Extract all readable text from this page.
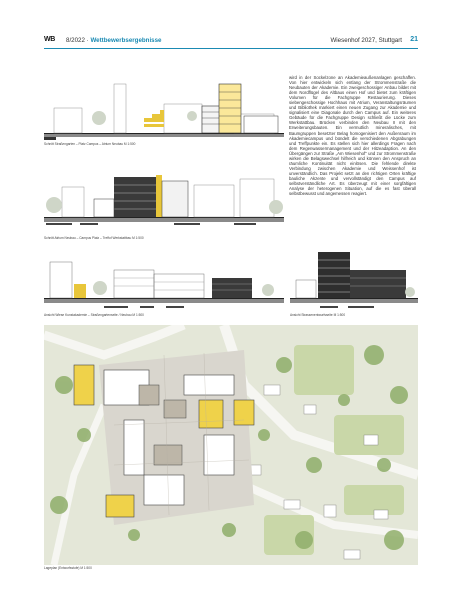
WB 8/2022 · Wettbewerbsergebnisse	Wiesenhof 2027, Stuttgart 21
Schnitt Straßengarten – Platz Campus – Atrium Neubau M 1:500
Schnitt Atrium Neubau – Campus Platz – Treffof Werkstattbau M 1:500
Ansicht Wiese Kunstakademie – Straßengartenseite / Neubau M 1:500	Ansicht Strassenentwurfsseite M 1:500

wird in der Sockelzone an Akademieaußenanlagen geschaffen. Von hier entwickeln sich entlang der Strommenstraße die Neubauten der Akademie. Ein zweigeschossiger Anbau bildet mit dem Nordflügel des Altbaus einen Hof und bietet zum kräftigen Volumen für die Fachgruppe Restaurierung. Dieses siebengeschossige Hochhaus mit Atrium, Veranstaltungsräumen und Bibliothek markiert einen neuen Zugang zur Akademie und signalisiert eine Diagonale durch den Campus auf. Ein weiteres Gebäude für die Fachgruppe Design schließt die Lücke zum Werkstattbau. Brücken verbinden den Neubau II mit den Erweiterungsbauten. Ein vermutlich mineralisches, mit Baumgruppen besetzter Belag homogenisiert den Außenraum im Akademiecampus und bündelt die verschiedenen Abgrabungen und Treffpunkte ein. Es stellen sich hier allerdings Fragen nach dem Regenwassermanagement und der Hitzeadaption. An den Übergängen zur Straße „Am Wiesenhof“ und zur Strommenstraße wirken die Belagswechsel hilfreich und können den Anspruch an räumliche Kontinuität nicht einlösen. Die fehlende direkte Verbindung zwischen Akademie und Weissenhof ist unverständlich. Das Projekt setzt an den richtigen Orten kräftige bauliche Akzente und vervollständigt den Campus auf selbstverständliche Art. Es überzeugt mit einer sorgfältigen Analyse der heterogenen Situation, auf die es fast überall selbstbewusst und angemessen reagiert.

Lageplan (Entwurfsstufe) M 1:500
